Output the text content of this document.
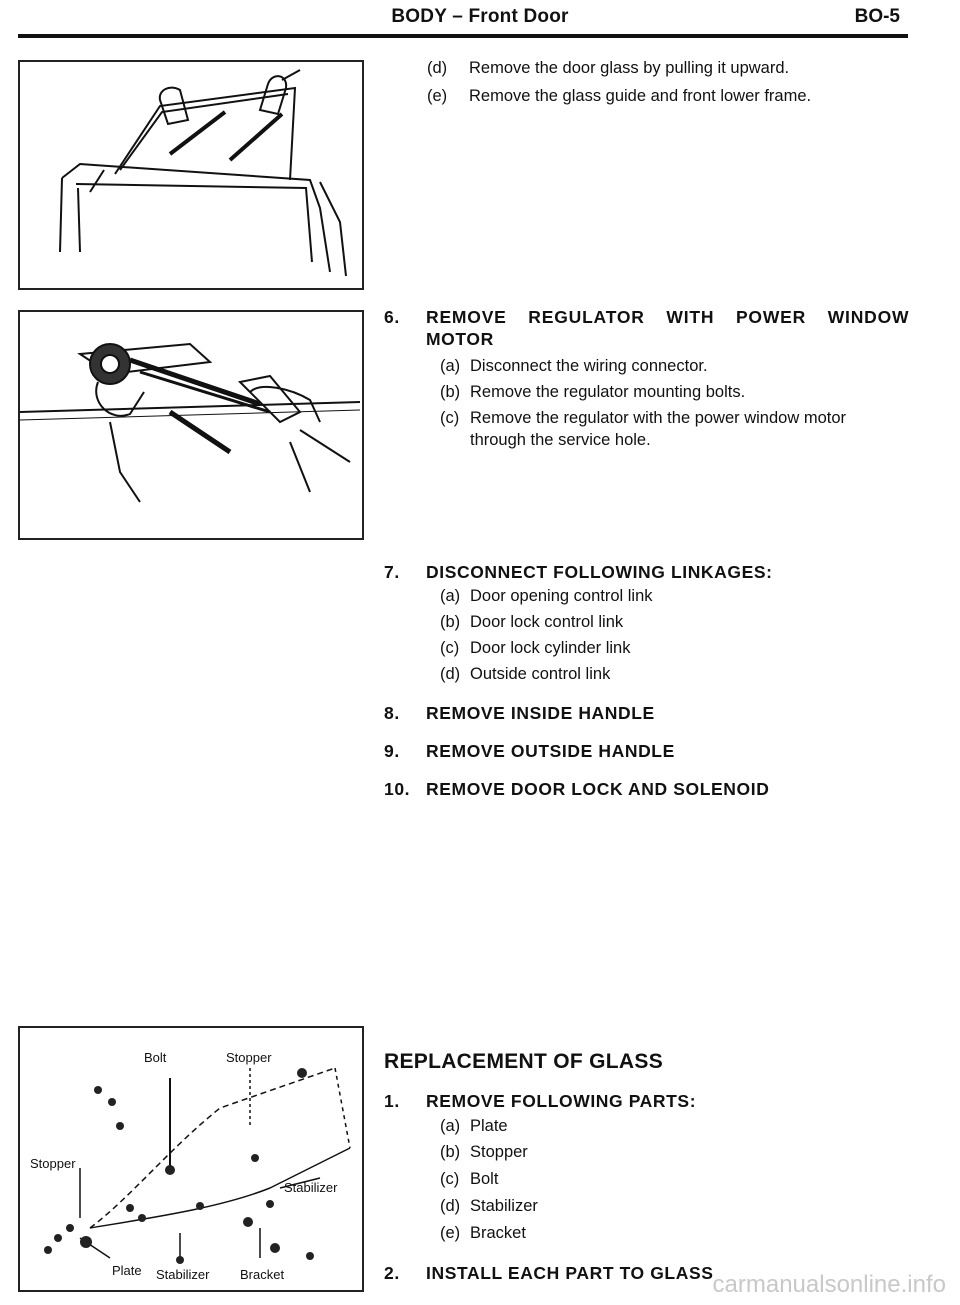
BODY – Front Door	BO-5
(d) Remove the door glass by pulling it upward.
(e) Remove the glass guide and front lower frame.
6. REMOVE REGULATOR WITH POWER WINDOW
MOTOR
(a) Disconnect the wiring connector.
(b) Remove the regulator mounting bolts.
(c) Remove the regulator with the power window motor
through the service hole.
7. DISCONNECT FOLLOWING LINKAGES:
(a) Door opening control link
(b) Door lock control link
(c) Door lock cylinder link
(d) Outside control link
8. REMOVE INSIDE HANDLE
9. REMOVE OUTSIDE HANDLE
10. REMOVE DOOR LOCK AND SOLENOID
Bolt	Stopper
Stopper
Stabilizer
Plate Stabilizer Bracket
REPLACEMENT OF GLASS
1. REMOVE FOLLOWING PARTS:
(a) Plate
(b) Stopper
(c) Bolt
(d) Stabilizer
(e) Bracket
2. INSTALL EACH PART TO GLASS carmanualsonline.info
